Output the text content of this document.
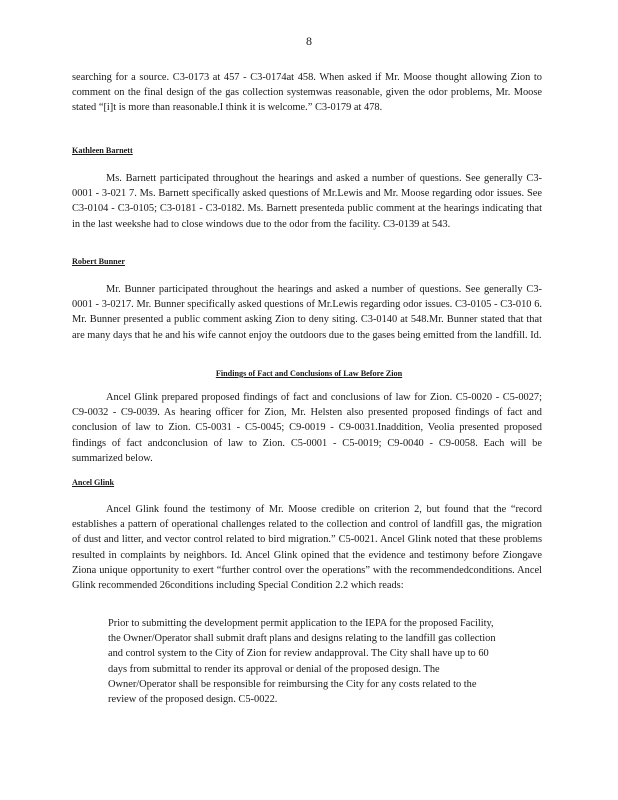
8

searching for a source. C3-0173 at 457 - C3-0174at 458. When asked if Mr. Moose thought allowing Zion to comment on the final design of the gas collection systemwas reasonable, given the odor problems, Mr. Moose stated “[i]t is more than reasonable.I think it is welcome.” C3-0179 at 478.

Kathleen Barnett

Ms. Barnett participated throughout the hearings and asked a number of questions. See generally C3-0001 - 3-021 7. Ms. Barnett specifically asked questions of Mr.Lewis and Mr. Moose regarding odor issues. See C3-0104 - C3-0105; C3-0181 - C3-0182. Ms. Barnett presenteda public comment at the hearings indicating that in the last weekshe had to close windows due to the odor from the facility. C3-0139 at 543.

Robert Bunner

Mr. Bunner participated throughout the hearings and asked a number of questions. See generally C3-0001 - 3-0217. Mr. Bunner specifically asked questions of Mr.Lewis regarding odor issues. C3-0105 - C3-010 6. Mr. Bunner presented a public comment asking Zion to deny siting. C3-0140 at 548.Mr. Bunner stated that that are many days that he and his wife cannot enjoy the outdoors due to the gases being emitted from the landfill. Id.

Findings of Fact and Conclusions of Law Before Zion

Ancel Glink prepared proposed findings of fact and conclusions of law for Zion. C5-0020 - C5-0027; C9-0032 - C9-0039. As hearing officer for Zion, Mr. Helsten also presented proposed findings of fact and conclusion of law to Zion. C5-0031 - C5-0045; C9-0019 - C9-0031.Inaddition, Veolia presented proposed findings of fact andconclusion of law to Zion. C5-0001 - C5-0019; C9-0040 - C9-0058. Each will be summarized below.

Ancel Glink

Ancel Glink found the testimony of Mr. Moose credible on criterion 2, but found that the “record establishes a pattern of operational challenges related to the collection and control of landfill gas, the migration of dust and litter, and vector control related to bird migration.” C5-0021. Ancel Glink noted that these problems resulted in complaints by neighbors. Id. Ancel Glink opined that the evidence and testimony before Ziongave Ziona unique opportunity to exert “further control over the operations” with the recommendedconditions. Ancel Glink recommended 26conditions including Special Condition 2.2 which reads:

Prior to submitting the development permit application to the IEPA for the proposed Facility, the Owner/Operator shall submit draft plans and designs relating to the landfill gas collection and control system to the City of Zion for review andapproval. The City shall have up to 60 days from submittal to render its approval or denial of the proposed design. The Owner/Operator shall be responsible for reimbursing the City for any costs related to the review of the proposed design. C5-0022.
